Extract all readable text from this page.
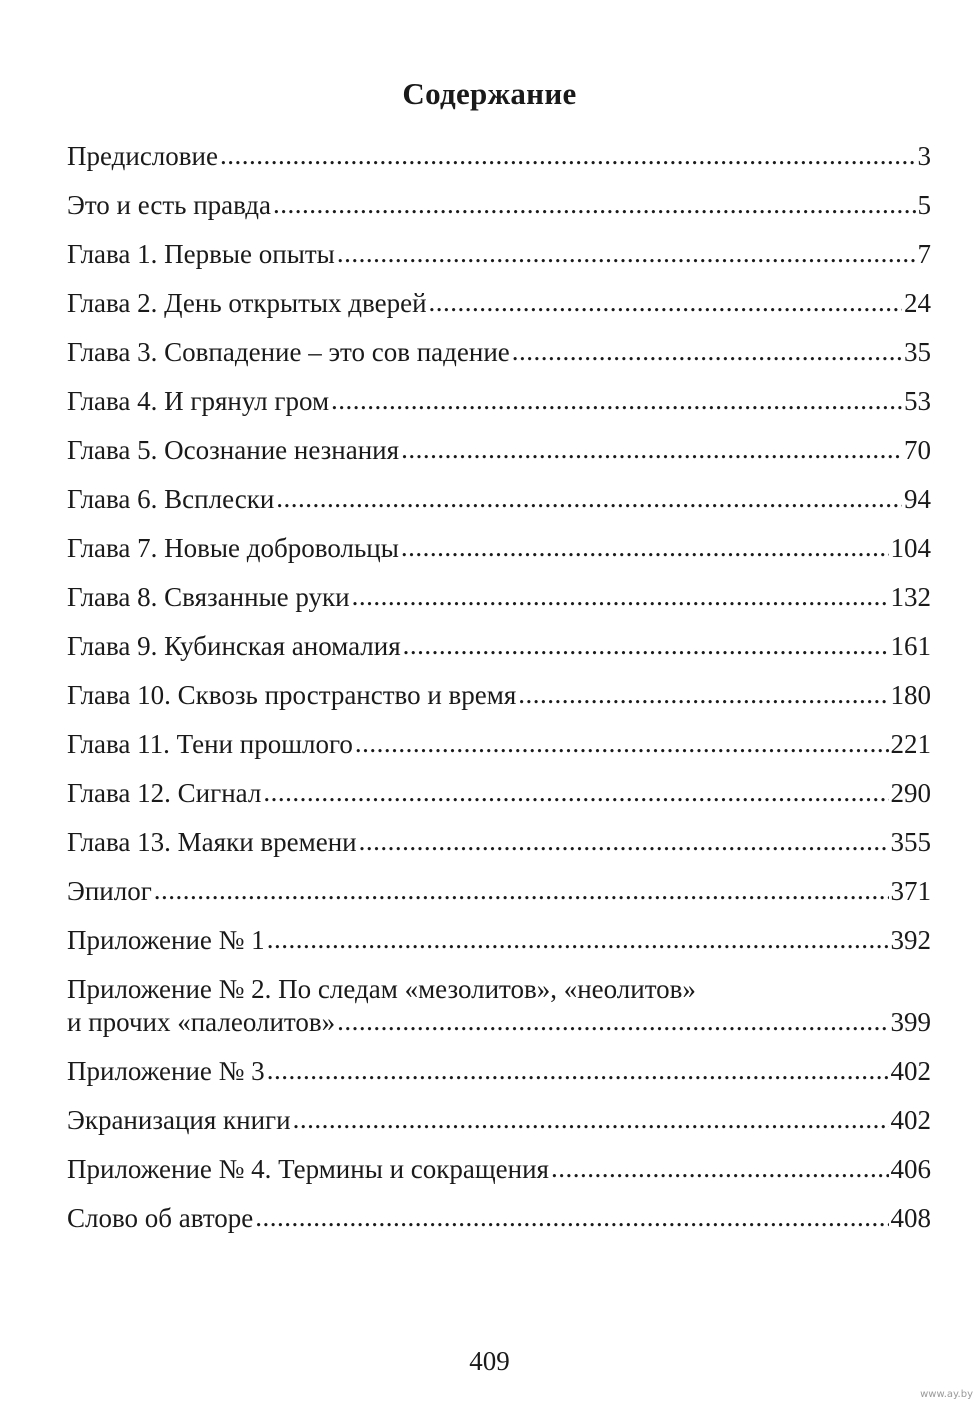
Содержание
Предисловие .....	3
Это и есть правда .....	5
Глава 1. Первые опыты .....	7
Глава 2. День открытых дверей .....	24
Глава 3. Совпадение – это сов падение .....	35
Глава 4. И грянул гром .....	53
Глава 5. Осознание незнания .....	70
Глава 6. Всплески .....	94
Глава 7. Новые добровольцы .....	104
Глава 8. Связанные руки .....	132
Глава 9. Кубинская аномалия .....	161
Глава 10. Сквозь пространство и время .....	180
Глава 11. Тени прошлого .....	221
Глава 12. Сигнал .....	290
Глава 13. Маяки времени .....	355
Эпилог .....	371
Приложение № 1 .....	392
Приложение № 2. По следам «мезолитов», «неолитов»
и прочих «палеолитов» .....	399
Приложение № 3 .....	402
Экранизация книги .....	402
Приложение № 4. Термины и сокращения .....	406
Слово об авторе .....	408
409
www.ay.by
